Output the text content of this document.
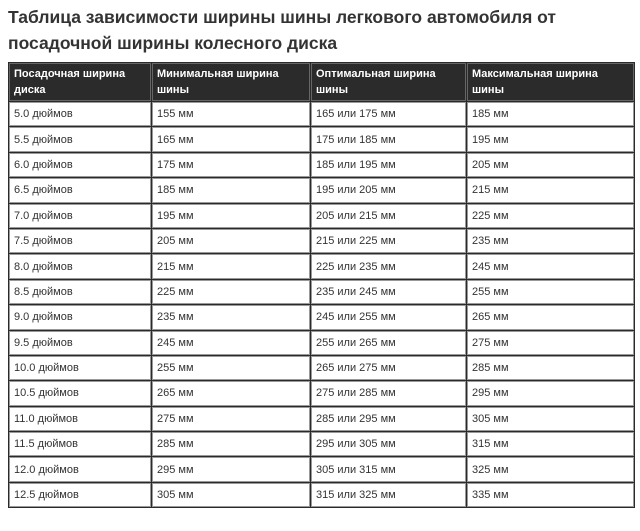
Таблица зависимости ширины шины легкового автомобиля от
посадочной ширины колесного диска
Посадочная ширина диска	Минимальная ширина шины	Оптимальная ширина шины	Максимальная ширина шины
5.0 дюймов	155 мм	165 или 175 мм	185 мм
5.5 дюймов	165 мм	175 или 185 мм	195 мм
6.0 дюймов	175 мм	185 или 195 мм	205 мм
6.5 дюймов	185 мм	195 или 205 мм	215 мм
7.0 дюймов	195 мм	205 или 215 мм	225 мм
7.5 дюймов	205 мм	215 или 225 мм	235 мм
8.0 дюймов	215 мм	225 или 235 мм	245 мм
8.5 дюймов	225 мм	235 или 245 мм	255 мм
9.0 дюймов	235 мм	245 или 255 мм	265 мм
9.5 дюймов	245 мм	255 или 265 мм	275 мм
10.0 дюймов	255 мм	265 или 275 мм	285 мм
10.5 дюймов	265 мм	275 или 285 мм	295 мм
11.0 дюймов	275 мм	285 или 295 мм	305 мм
11.5 дюймов	285 мм	295 или 305 мм	315 мм
12.0 дюймов	295 мм	305 или 315 мм	325 мм
12.5 дюймов	305 мм	315 или 325 мм	335 мм
